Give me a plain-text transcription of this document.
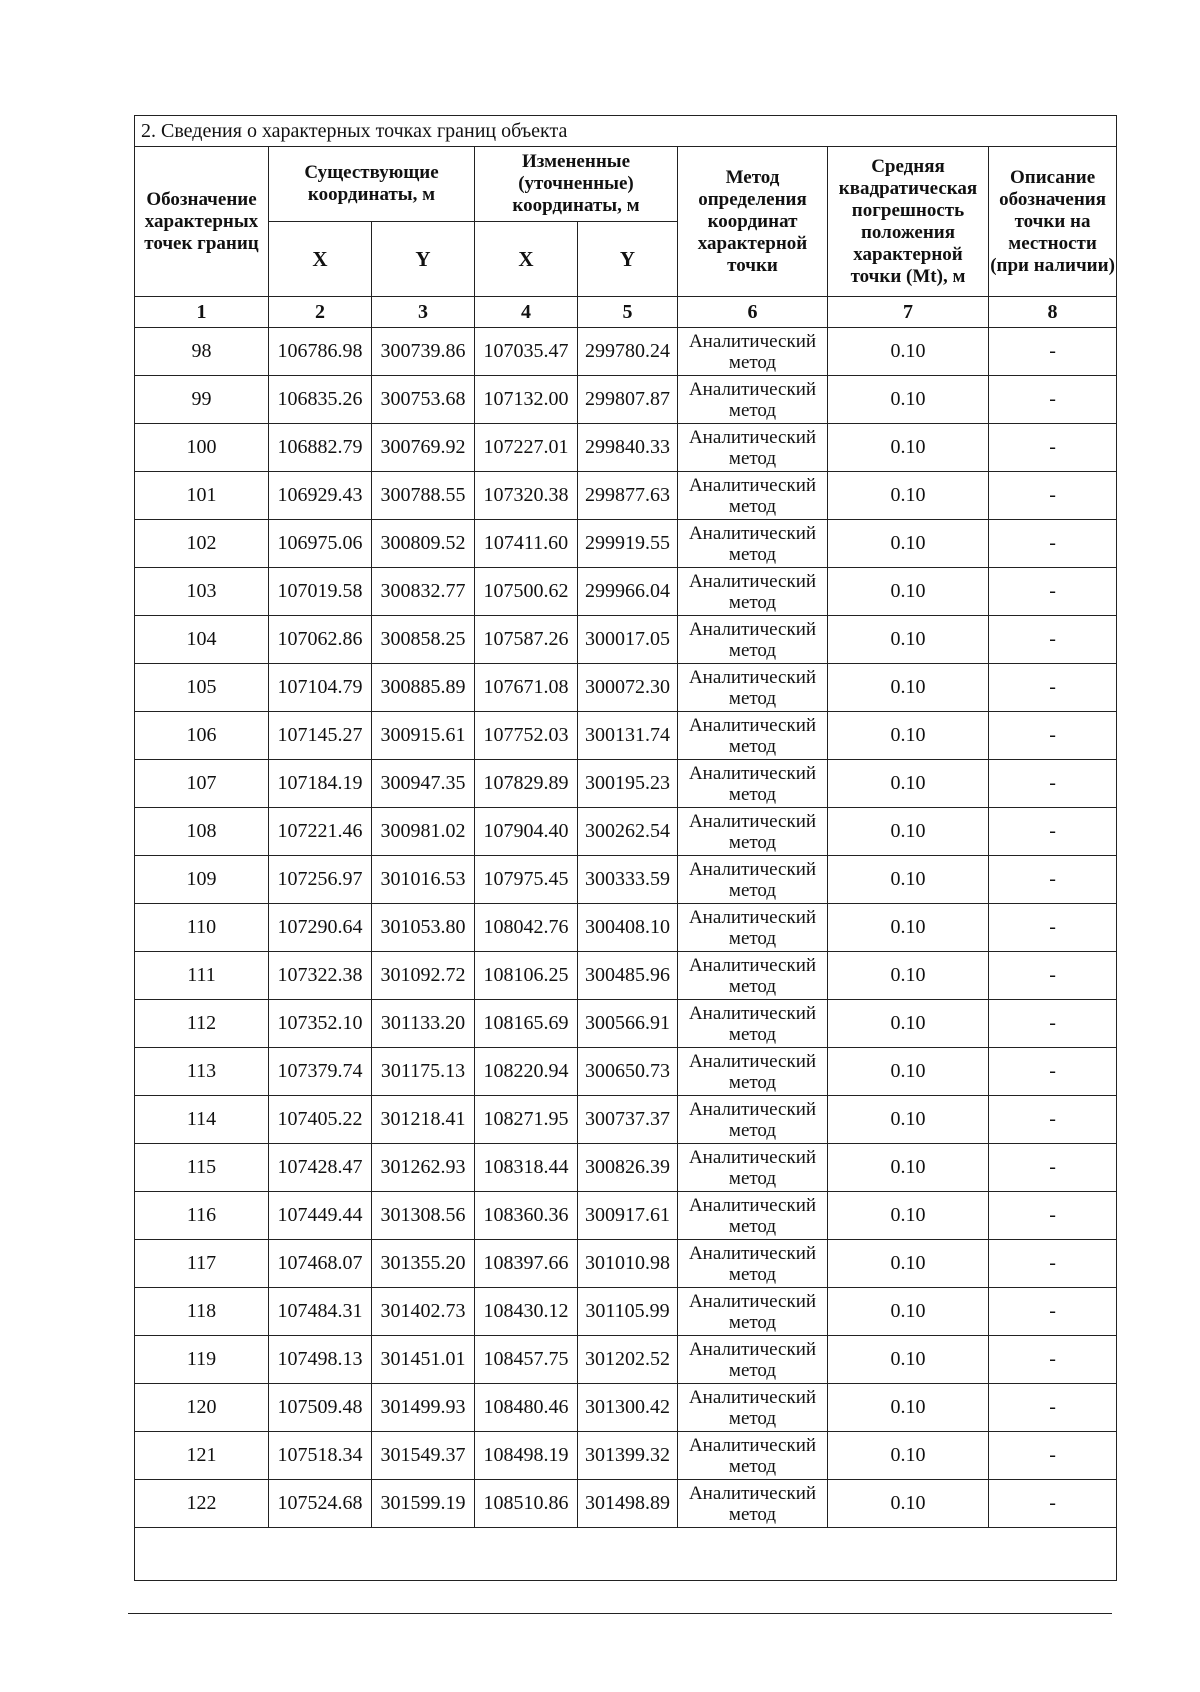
2. Сведения о характерных точках границ объекта							
Обозначение характерных точек границ	Существующие координаты, м		Измененные (уточненные) координаты, м		Метод определения координат характерной точки	Средняя квадратическая погрешность положения характерной точки (Mt), м	Описание обозначения точки на местности (при наличии)
	X	Y	X	Y			
1	2	3	4	5	6	7	8
98	106786.98	300739.86	107035.47	299780.24	Аналитический метод	0.10	-
99	106835.26	300753.68	107132.00	299807.87	Аналитический метод	0.10	-
100	106882.79	300769.92	107227.01	299840.33	Аналитический метод	0.10	-
101	106929.43	300788.55	107320.38	299877.63	Аналитический метод	0.10	-
102	106975.06	300809.52	107411.60	299919.55	Аналитический метод	0.10	-
103	107019.58	300832.77	107500.62	299966.04	Аналитический метод	0.10	-
104	107062.86	300858.25	107587.26	300017.05	Аналитический метод	0.10	-
105	107104.79	300885.89	107671.08	300072.30	Аналитический метод	0.10	-
106	107145.27	300915.61	107752.03	300131.74	Аналитический метод	0.10	-
107	107184.19	300947.35	107829.89	300195.23	Аналитический метод	0.10	-
108	107221.46	300981.02	107904.40	300262.54	Аналитический метод	0.10	-
109	107256.97	301016.53	107975.45	300333.59	Аналитический метод	0.10	-
110	107290.64	301053.80	108042.76	300408.10	Аналитический метод	0.10	-
111	107322.38	301092.72	108106.25	300485.96	Аналитический метод	0.10	-
112	107352.10	301133.20	108165.69	300566.91	Аналитический метод	0.10	-
113	107379.74	301175.13	108220.94	300650.73	Аналитический метод	0.10	-
114	107405.22	301218.41	108271.95	300737.37	Аналитический метод	0.10	-
115	107428.47	301262.93	108318.44	300826.39	Аналитический метод	0.10	-
116	107449.44	301308.56	108360.36	300917.61	Аналитический метод	0.10	-
117	107468.07	301355.20	108397.66	301010.98	Аналитический метод	0.10	-
118	107484.31	301402.73	108430.12	301105.99	Аналитический метод	0.10	-
119	107498.13	301451.01	108457.75	301202.52	Аналитический метод	0.10	-
120	107509.48	301499.93	108480.46	301300.42	Аналитический метод	0.10	-
121	107518.34	301549.37	108498.19	301399.32	Аналитический метод	0.10	-
122	107524.68	301599.19	108510.86	301498.89	Аналитический метод	0.10	-
